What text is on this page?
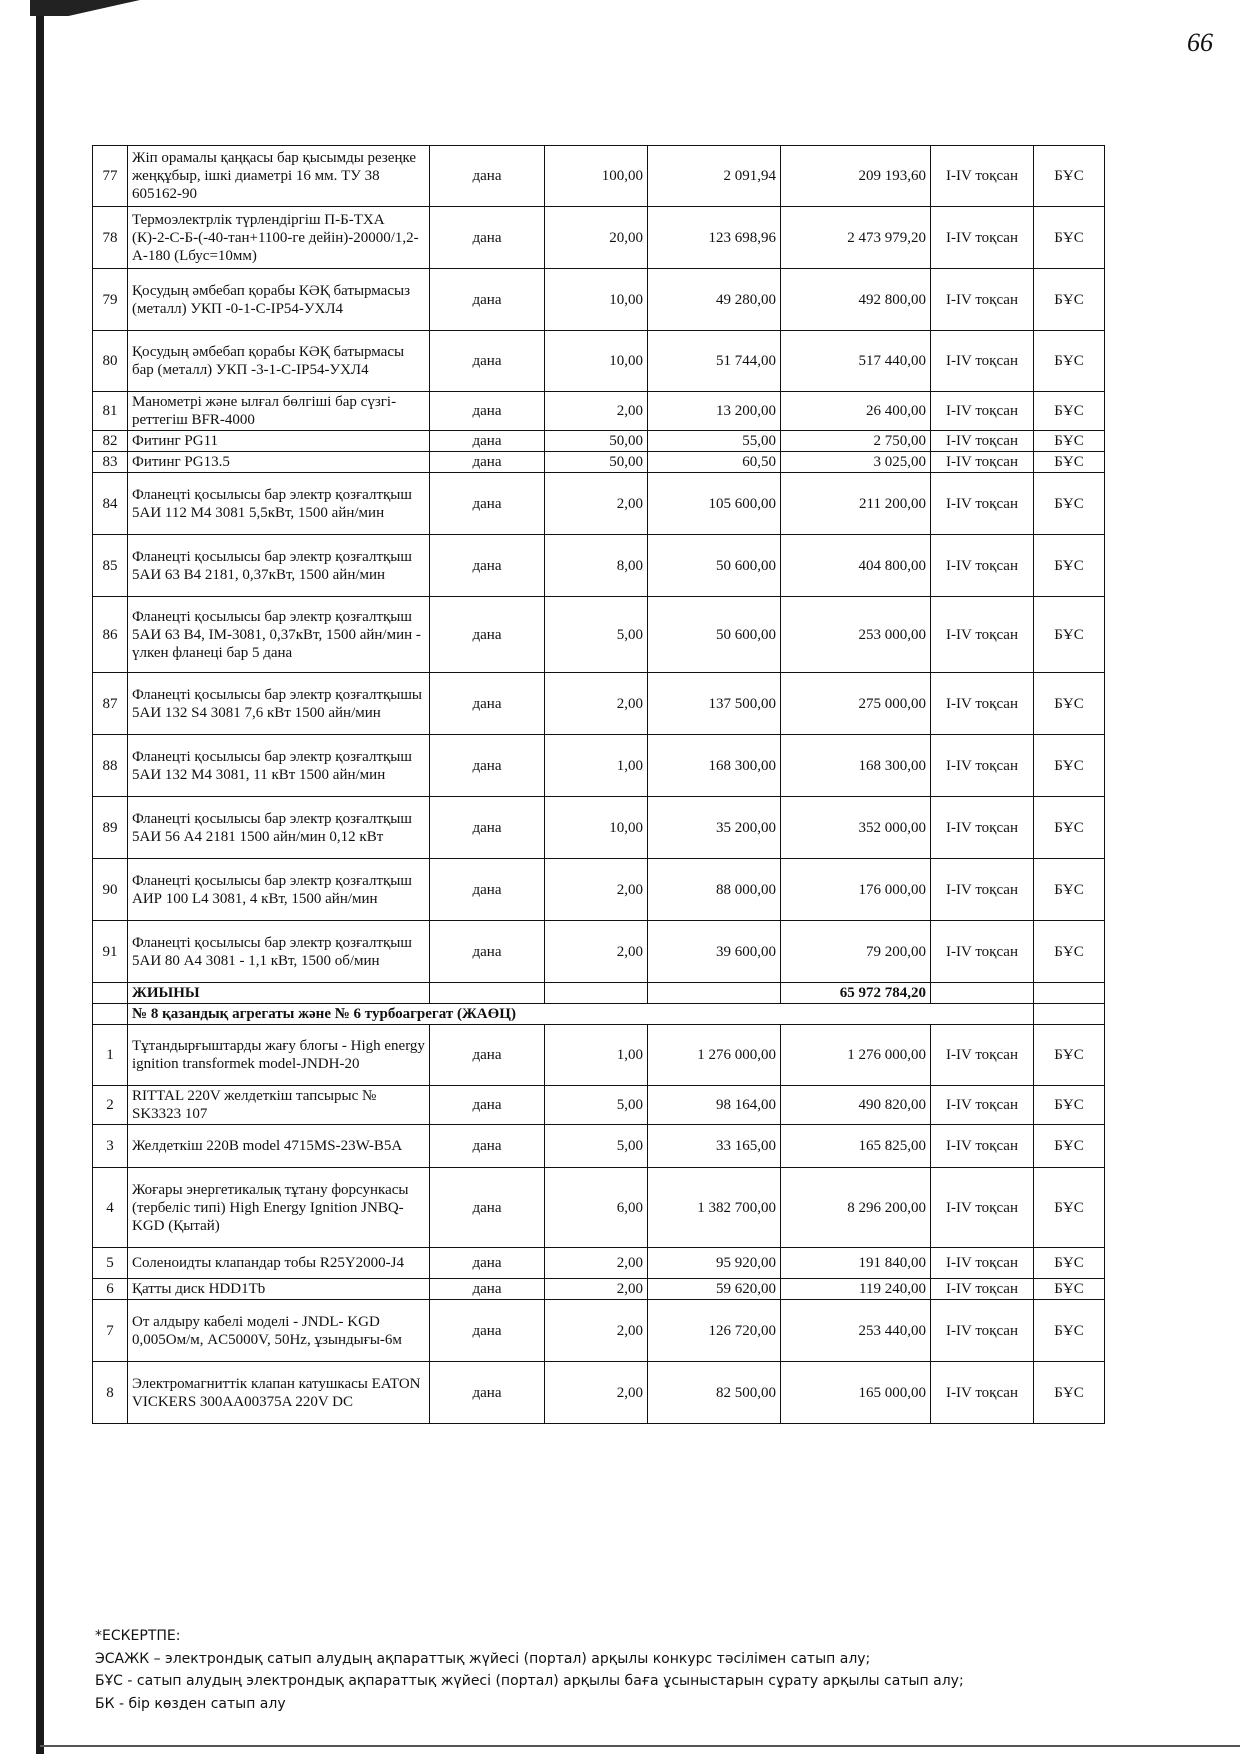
66
77	Жіп орамалы қаңқасы бар қысымды резеңке жеңқұбыр, ішкі диаметрі 16 мм. ТУ 38 605162-90	дана	100,00	2 091,94	209 193,60	I-IV тоқсан	БҰС
78	Термоэлектрлік түрлендіргіш П-Б-ТХА (К)-2-С-Б-(-40-тан+1100-ге дейін)-20000/1,2-А-180 (Lбус=10мм)	дана	20,00	123 698,96	2 473 979,20	I-IV тоқсан	БҰС
79	Қосудың әмбебап қорабы КӘҚ батырмасыз (металл) УКП -0-1-С-IP54-УХЛ4	дана	10,00	49 280,00	492 800,00	I-IV тоқсан	БҰС
80	Қосудың әмбебап қорабы КӘҚ батырмасы бар (металл) УКП -3-1-С-IP54-УХЛ4	дана	10,00	51 744,00	517 440,00	I-IV тоқсан	БҰС
81	Манометрі және ылғал бөлгіші бар сүзгі-реттегіш BFR-4000	дана	2,00	13 200,00	26 400,00	I-IV тоқсан	БҰС
82	Фитинг PG11	дана	50,00	55,00	2 750,00	I-IV тоқсан	БҰС
83	Фитинг PG13.5	дана	50,00	60,50	3 025,00	I-IV тоқсан	БҰС
84	Фланецті қосылысы бар электр қозғалтқыш 5АИ 112 М4 3081 5,5кВт, 1500 айн/мин	дана	2,00	105 600,00	211 200,00	I-IV тоқсан	БҰС
85	Фланецті қосылысы бар электр қозғалтқыш 5АИ 63 В4 2181, 0,37кВт, 1500 айн/мин	дана	8,00	50 600,00	404 800,00	I-IV тоқсан	БҰС
86	Фланецті қосылысы бар электр қозғалтқыш 5АИ 63 В4, IM-3081, 0,37кВт, 1500 айн/мин - үлкен фланеці бар 5 дана	дана	5,00	50 600,00	253 000,00	I-IV тоқсан	БҰС
87	Фланецті қосылысы бар электр қозғалтқышы 5АИ 132 S4 3081 7,6 кВт 1500 айн/мин	дана	2,00	137 500,00	275 000,00	I-IV тоқсан	БҰС
88	Фланецті қосылысы бар электр қозғалтқыш 5АИ 132 М4 3081, 11 кВт 1500 айн/мин	дана	1,00	168 300,00	168 300,00	I-IV тоқсан	БҰС
89	Фланецті қосылысы бар электр қозғалтқыш 5АИ 56 А4 2181 1500 айн/мин 0,12 кВт	дана	10,00	35 200,00	352 000,00	I-IV тоқсан	БҰС
90	Фланецті қосылысы бар электр қозғалтқыш АИР 100 L4 3081, 4 кВт, 1500 айн/мин	дана	2,00	88 000,00	176 000,00	I-IV тоқсан	БҰС
91	Фланецті қосылысы бар электр қозғалтқыш 5АИ 80 А4 3081 - 1,1 кВт, 1500 об/мин	дана	2,00	39 600,00	79 200,00	I-IV тоқсан	БҰС
	ЖИЫНЫ				65 972 784,20		
	№ 8 қазандық агрегаты және № 6 турбоагрегат (ЖАӨЦ)						
1	Тұтандырғыштарды жағу блогы - High energy ignition transformek model-JNDH-20	дана	1,00	1 276 000,00	1 276 000,00	I-IV тоқсан	БҰС
2	RITTAL 220V желдеткіш тапсырыс № SK3323 107	дана	5,00	98 164,00	490 820,00	I-IV тоқсан	БҰС
3	Желдеткіш 220В model 4715MS-23W-B5A	дана	5,00	33 165,00	165 825,00	I-IV тоқсан	БҰС
4	Жоғары энергетикалық тұтану форсункасы (тербеліс типі) High Energy Ignition JNBQ-KGD (Қытай)	дана	6,00	1 382 700,00	8 296 200,00	I-IV тоқсан	БҰС
5	Соленоидты клапандар тобы R25Y2000-J4	дана	2,00	95 920,00	191 840,00	I-IV тоқсан	БҰС
6	Қатты диск HDD1Tb	дана	2,00	59 620,00	119 240,00	I-IV тоқсан	БҰС
7	От алдыру кабелі моделі - JNDL- KGD 0,005Ом/м, AC5000V, 50Hz, ұзындығы-6м	дана	2,00	126 720,00	253 440,00	I-IV тоқсан	БҰС
8	Электромагниттік клапан катушкасы EATON VICKERS 300AA00375A 220V DC	дана	2,00	82 500,00	165 000,00	I-IV тоқсан	БҰС
*ЕСКЕРТПЕ:
ЭСАЖК – электрондық сатып алудың ақпараттық жүйесі (портал) арқылы конкурс тәсілімен сатып алу;
БҰС - сатып алудың электрондық ақпараттық жүйесі (портал) арқылы баға ұсыныстарын сұрату арқылы сатып алу;
БК - бір көзден сатып алу
